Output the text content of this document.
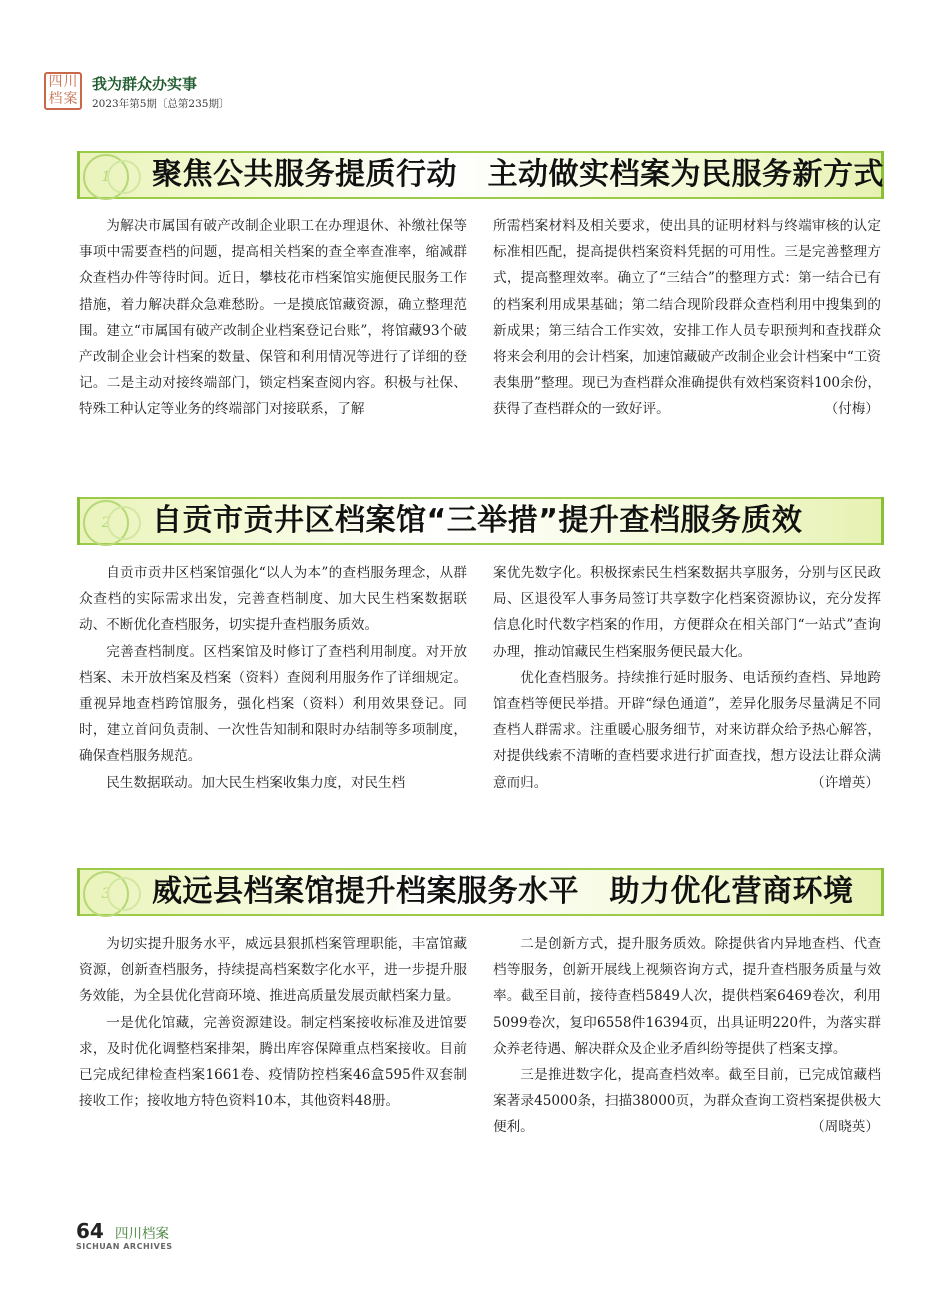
四 川
档 案
我为群众办实事
2023年第5期〔总第235期〕
1	聚焦公共服务提质行动　主动做实档案为民服务新方式

为解决市属国有破产改制企业职工在办理退休、补缴社保等事项中需要查档的问题，提高相关档案的查全率查准率，缩减群众查档办件等待时间。近日，攀枝花市档案馆实施便民服务工作措施，着力解决群众急难愁盼。一是摸底馆藏资源，确立整理范围。建立“市属国有破产改制企业档案登记台账”，将馆藏93个破产改制企业会计档案的数量、保管和利用情况等进行了详细的登记。二是主动对接终端部门，锁定档案查阅内容。积极与社保、特殊工种认定等业务的终端部门对接联系，了解

所需档案材料及相关要求，使出具的证明材料与终端审核的认定标准相匹配，提高提供档案资料凭据的可用性。三是完善整理方式，提高整理效率。确立了“三结合”的整理方式：第一结合已有的档案利用成果基础；第二结合现阶段群众查档利用中搜集到的新成果；第三结合工作实效，安排工作人员专职预判和查找群众将来会利用的会计档案，加速馆藏破产改制企业会计档案中“工资表集册”整理。现已为查档群众准确提供有效档案资料100余份，获得了查档群众的一致好评。	（付梅）

2	自贡市贡井区档案馆“三举措”提升查档服务质效

自贡市贡井区档案馆强化“以人为本”的查档服务理念，从群众查档的实际需求出发，完善查档制度、加大民生档案数据联动、不断优化查档服务，切实提升查档服务质效。

完善查档制度。区档案馆及时修订了查档利用制度。对开放档案、未开放档案及档案（资料）查阅利用服务作了详细规定。重视异地查档跨馆服务，强化档案（资料）利用效果登记。同时，建立首问负责制、一次性告知制和限时办结制等多项制度，确保查档服务规范。

民生数据联动。加大民生档案收集力度，对民生档

案优先数字化。积极探索民生档案数据共享服务，分别与区民政局、区退役军人事务局签订共享数字化档案资源协议，充分发挥信息化时代数字档案的作用，方便群众在相关部门“一站式”查询办理，推动馆藏民生档案服务便民最大化。

优化查档服务。持续推行延时服务、电话预约查档、异地跨馆查档等便民举措。开辟“绿色通道”，差异化服务尽量满足不同查档人群需求。注重暖心服务细节，对来访群众给予热心解答，对提供线索不清晰的查档要求进行扩面查找，想方设法让群众满意而归。	（许增英）

3	威远县档案馆提升档案服务水平　助力优化营商环境

为切实提升服务水平，威远县狠抓档案管理职能，丰富馆藏资源，创新查档服务，持续提高档案数字化水平，进一步提升服务效能，为全县优化营商环境、推进高质量发展贡献档案力量。

一是优化馆藏，完善资源建设。制定档案接收标准及进馆要求，及时优化调整档案排架，腾出库容保障重点档案接收。目前已完成纪律检查档案1661卷、疫情防控档案46盒595件双套制接收工作；接收地方特色资料10本，其他资料48册。

二是创新方式，提升服务质效。除提供省内异地查档、代查档等服务，创新开展线上视频咨询方式，提升查档服务质量与效率。截至目前，接待查档5849人次，提供档案6469卷次，利用5099卷次，复印6558件16394页，出具证明220件，为落实群众养老待遇、解决群众及企业矛盾纠纷等提供了档案支撑。

三是推进数字化，提高查档效率。截至目前，已完成馆藏档案著录45000条，扫描38000页，为群众查询工资档案提供极大便利。	（周晓英）

64 四川档案
SICHUAN ARCHIVES
